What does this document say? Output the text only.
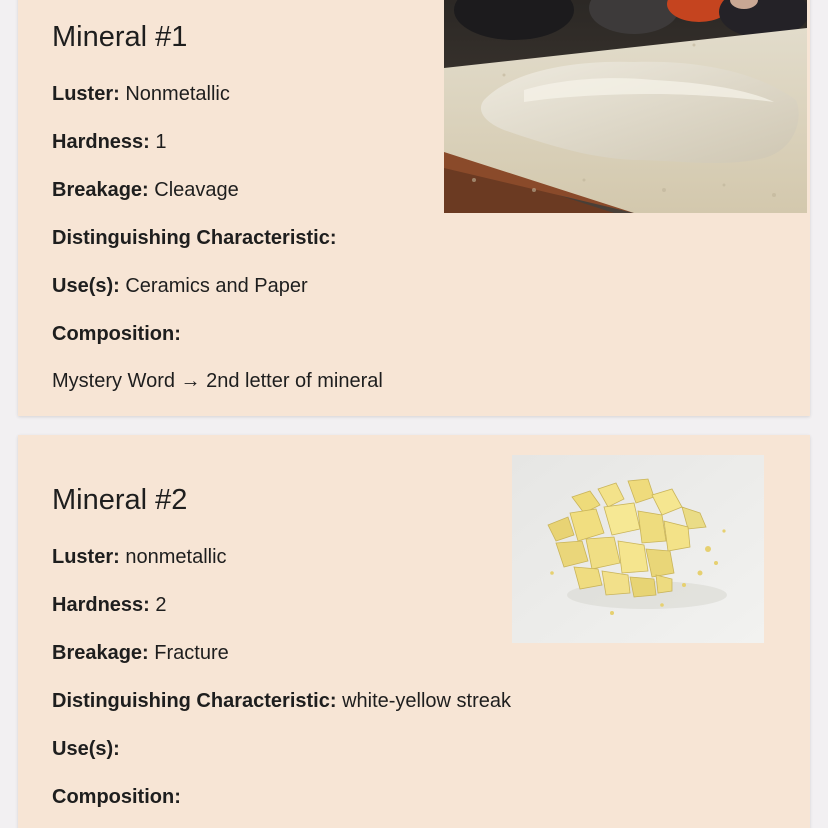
Mineral #1

Luster: Nonmetallic

Hardness: 1

Breakage: Cleavage

Distinguishing Characteristic:

Use(s): Ceramics and Paper

Composition:

Mystery Word → 2nd letter of mineral

Mineral #2

Luster: nonmetallic

Hardness: 2

Breakage: Fracture

Distinguishing Characteristic: white-yellow streak

Use(s):

Composition:
